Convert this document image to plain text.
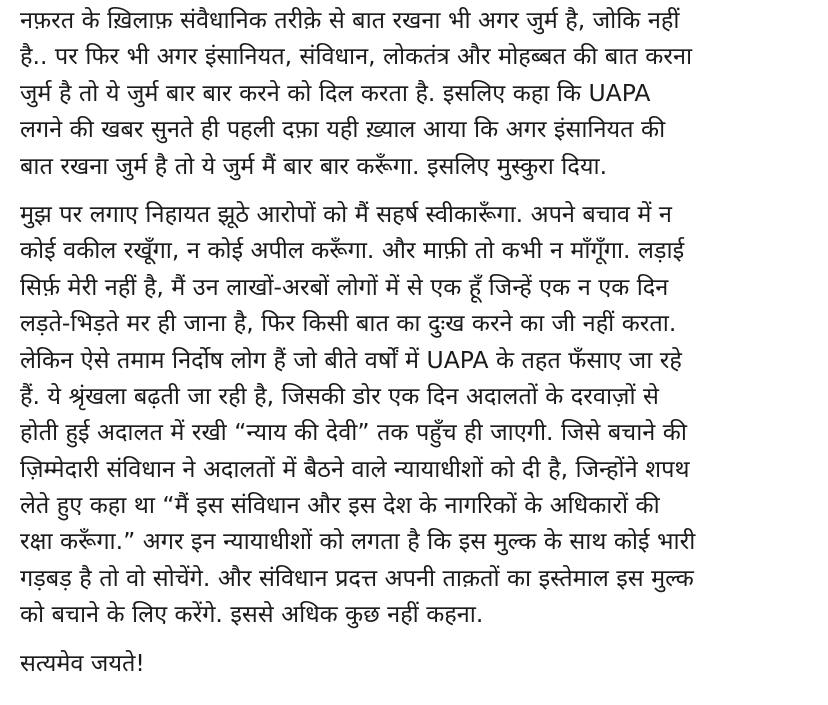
नफ़रत के ख़िलाफ़ संवैधानिक तरीक़े से बात रखना भी अगर जुर्म है, जोकि नहीं
है.. पर फिर भी अगर इंसानियत, संविधान, लोकतंत्र और मोहब्बत की बात करना
जुर्म है तो ये जुर्म बार बार करने को दिल करता है. इसलिए कहा कि UAPA
लगने की खबर सुनते ही पहली दफ़ा यही ख़्याल आया कि अगर इंसानियत की
बात रखना जुर्म है तो ये जुर्म मैं बार बार करूँगा. इसलिए मुस्कुरा दिया.
मुझ पर लगाए निहायत झूठे आरोपों को मैं सहर्ष स्वीकारूँगा. अपने बचाव में न
कोई वकील रखूँगा, न कोई अपील करूँगा. और माफ़ी तो कभी न माँगूँगा. लड़ाई
सिर्फ़ मेरी नहीं है, मैं उन लाखों-अरबों लोगों में से एक हूँ जिन्हें एक न एक दिन
लड़ते-भिड़ते मर ही जाना है, फिर किसी बात का दुःख करने का जी नहीं करता.
लेकिन ऐसे तमाम निर्दोष लोग हैं जो बीते वर्षों में UAPA के तहत फँसाए जा रहे
हैं. ये श्रृंखला बढ़ती जा रही है, जिसकी डोर एक दिन अदालतों के दरवाज़ों से
होती हुई अदालत में रखी “न्याय की देवी” तक पहुँच ही जाएगी. जिसे बचाने की
ज़िम्मेदारी संविधान ने अदालतों में बैठने वाले न्यायाधीशों को दी है, जिन्होंने शपथ
लेते हुए कहा था “मैं इस संविधान और इस देश के नागरिकों के अधिकारों की
रक्षा करूँगा.” अगर इन न्यायाधीशों को लगता है कि इस मुल्क के साथ कोई भारी
गड़बड़ है तो वो सोचेंगे. और संविधान प्रदत्त अपनी ताक़तों का इस्तेमाल इस मुल्क
को बचाने के लिए करेंगे. इससे अधिक कुछ नहीं कहना.
सत्यमेव जयते!
